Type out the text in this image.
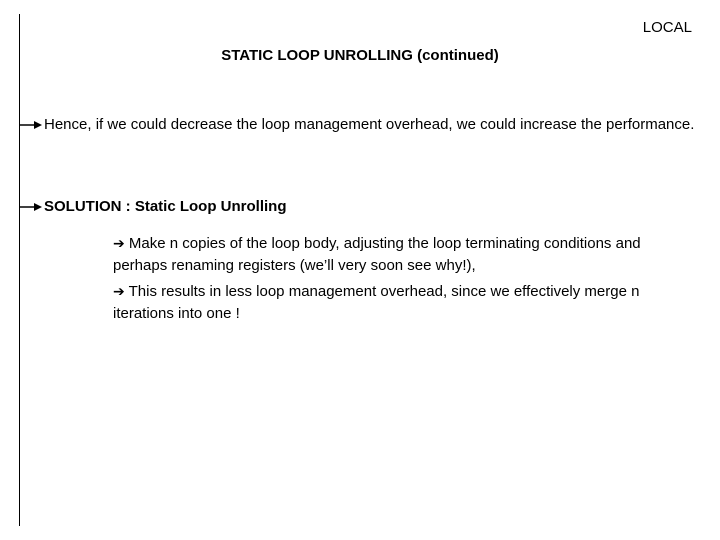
LOCAL
STATIC LOOP UNROLLING (continued)
Hence, if we could decrease the loop management overhead, we could increase the performance.
SOLUTION : Static Loop Unrolling
➔ Make n copies of the loop body, adjusting the loop terminating conditions and perhaps renaming registers (we’ll very soon see why!),
➔ This results in less loop management overhead, since we effectively merge n iterations into one !
